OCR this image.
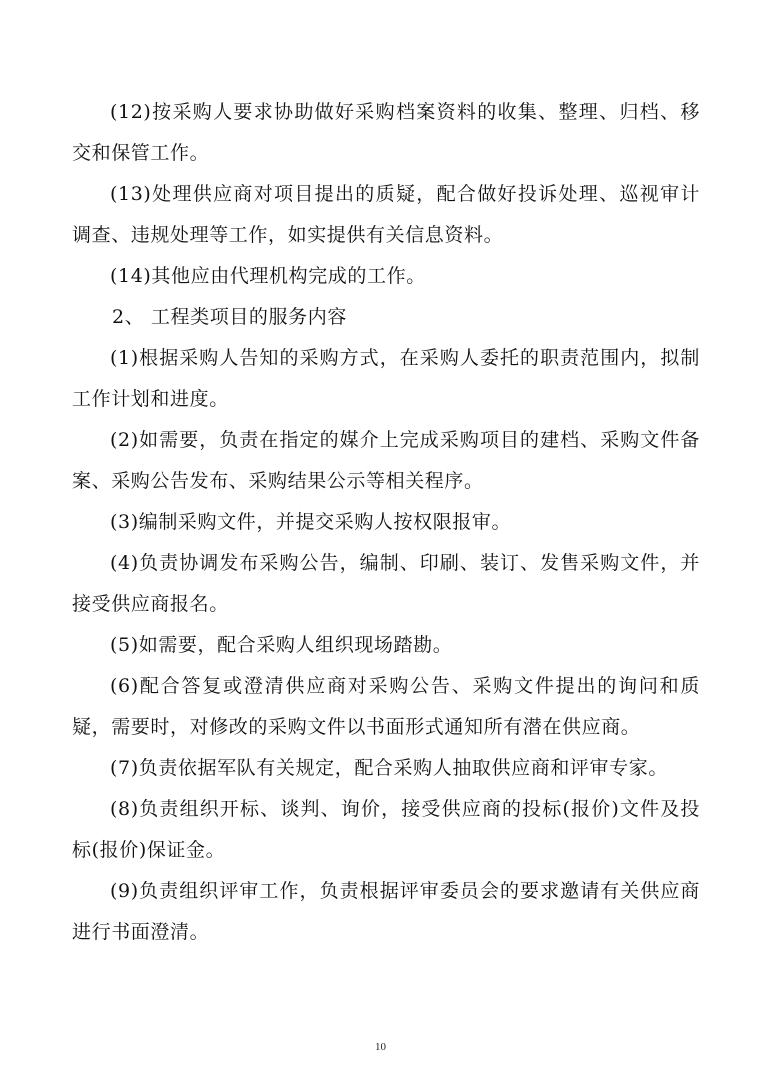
(12)按采购人要求协助做好采购档案资料的收集、整理、归档、移交和保管工作。

(13)处理供应商对项目提出的质疑，配合做好投诉处理、巡视审计调查、违规处理等工作，如实提供有关信息资料。

(14)其他应由代理机构完成的工作。

2、 工程类项目的服务内容

(1)根据采购人告知的采购方式，在采购人委托的职责范围内，拟制工作计划和进度。

(2)如需要，负责在指定的媒介上完成采购项目的建档、采购文件备案、采购公告发布、采购结果公示等相关程序。

(3)编制采购文件，并提交采购人按权限报审。

(4)负责协调发布采购公告，编制、印刷、装订、发售采购文件，并接受供应商报名。

(5)如需要，配合采购人组织现场踏勘。

(6)配合答复或澄清供应商对采购公告、采购文件提出的询问和质疑，需要时，对修改的采购文件以书面形式通知所有潜在供应商。

(7)负责依据军队有关规定，配合采购人抽取供应商和评审专家。

(8)负责组织开标、谈判、询价，接受供应商的投标(报价)文件及投标(报价)保证金。

(9)负责组织评审工作，负责根据评审委员会的要求邀请有关供应商进行书面澄清。

10
